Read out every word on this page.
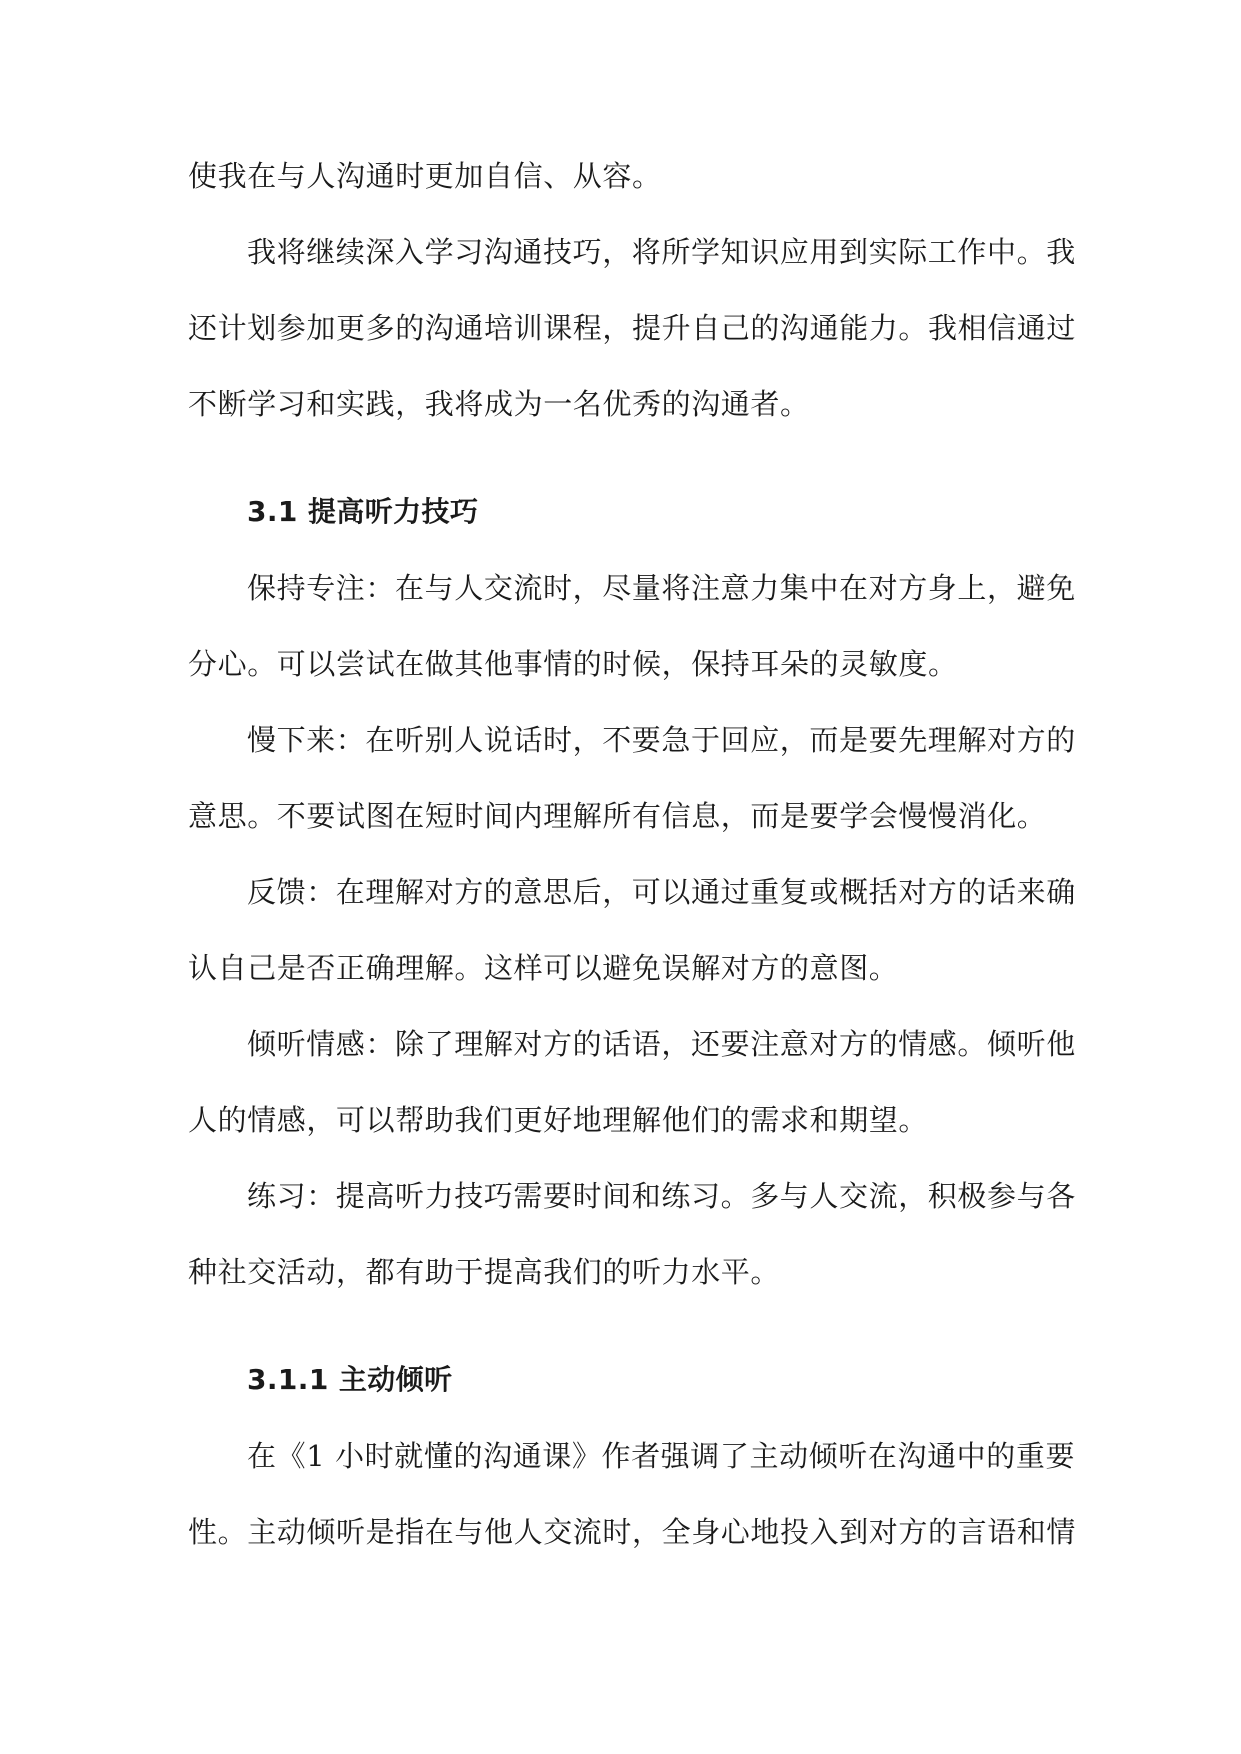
使我在与人沟通时更加自信、从容。
我将继续深入学习沟通技巧，将所学知识应用到实际工作中。我
还计划参加更多的沟通培训课程，提升自己的沟通能力。我相信通过
不断学习和实践，我将成为一名优秀的沟通者。
3.1 提高听力技巧
保持专注：在与人交流时，尽量将注意力集中在对方身上，避免
分心。可以尝试在做其他事情的时候，保持耳朵的灵敏度。
慢下来：在听别人说话时，不要急于回应，而是要先理解对方的
意思。不要试图在短时间内理解所有信息，而是要学会慢慢消化。
反馈：在理解对方的意思后，可以通过重复或概括对方的话来确
认自己是否正确理解。这样可以避免误解对方的意图。
倾听情感：除了理解对方的话语，还要注意对方的情感。倾听他
人的情感，可以帮助我们更好地理解他们的需求和期望。
练习：提高听力技巧需要时间和练习。多与人交流，积极参与各
种社交活动，都有助于提高我们的听力水平。
3.1.1 主动倾听
在《1 小时就懂的沟通课》作者强调了主动倾听在沟通中的重要
性。主动倾听是指在与他人交流时，全身心地投入到对方的言语和情
